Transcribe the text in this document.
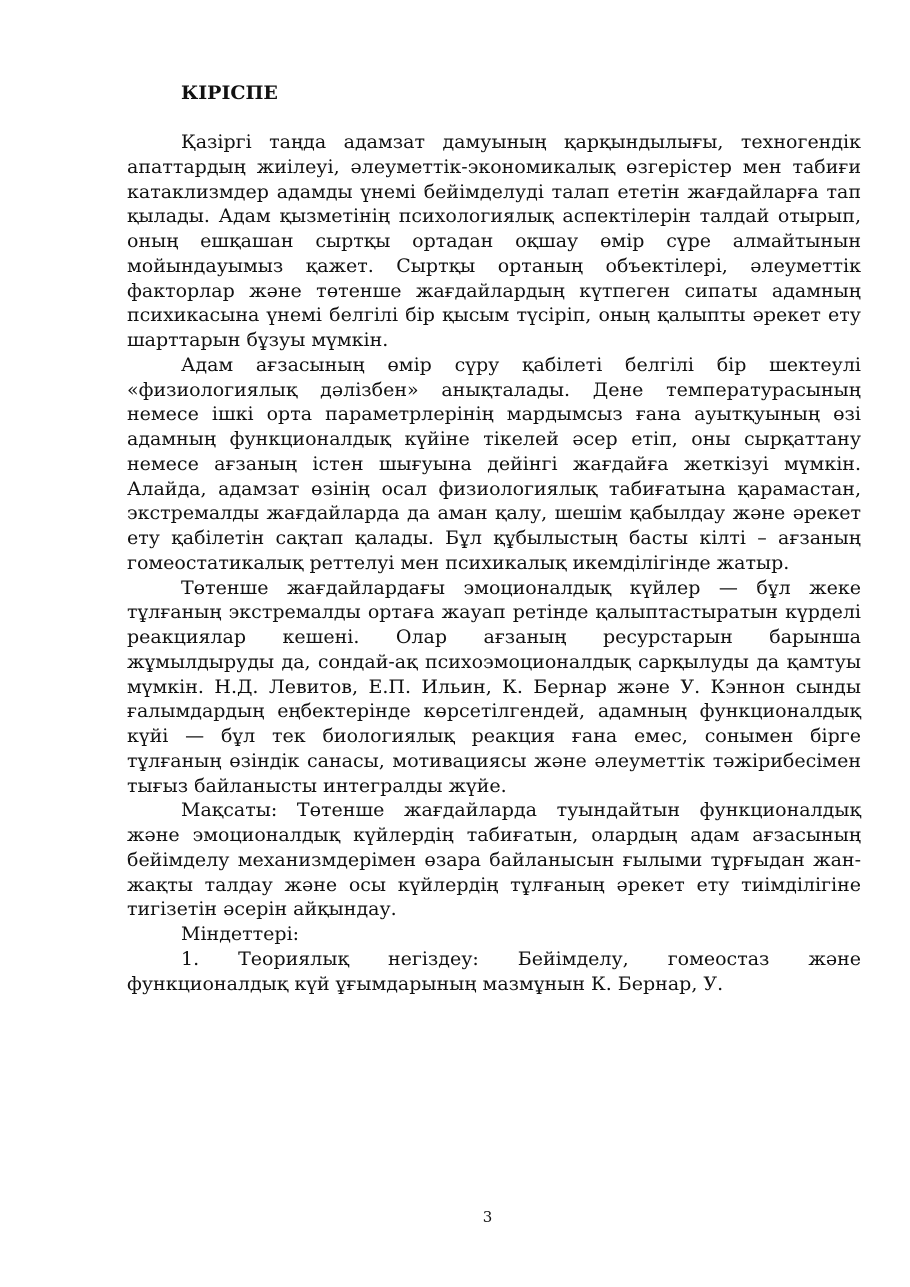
КІРІСПЕ

Қазіргі таңда адамзат дамуының қарқындылығы, техногендік апаттардың жиілеуі, әлеуметтік-экономикалық өзгерістер мен табиғи катаклизмдер адамды үнемі бейімделуді талап ететін жағдайларға тап қылады. Адам қызметінің психологиялық аспектілерін талдай отырып, оның ешқашан сыртқы ортадан оқшау өмір сүре алмайтынын мойындауымыз қажет. Сыртқы ортаның объектілері, әлеуметтік факторлар және төтенше жағдайлардың күтпеген сипаты адамның психикасына үнемі белгілі бір қысым түсіріп, оның қалыпты әрекет ету шарттарын бұзуы мүмкін.

Адам ағзасының өмір сүру қабілеті белгілі бір шектеулі «физиологиялық дәлізбен» анықталады. Дене температурасының немесе ішкі орта параметрлерінің мардымсыз ғана ауытқуының өзі адамның функционалдық күйіне тікелей әсер етіп, оны сырқаттану немесе ағзаның істен шығуына дейінгі жағдайға жеткізуі мүмкін. Алайда, адамзат өзінің осал физиологиялық табиғатына қарамастан, экстремалды жағдайларда да аман қалу, шешім қабылдау және әрекет ету қабілетін сақтап қалады. Бұл құбылыстың басты кілті – ағзаның гомеостатикалық реттелуі мен психикалық икемділігінде жатыр.

Төтенше жағдайлардағы эмоционалдық күйлер — бұл жеке тұлғаның экстремалды ортаға жауап ретінде қалыптастыратын күрделі реакциялар кешені. Олар ағзаның ресурстарын барынша жұмылдыруды да, сондай-ақ психоэмоционалдық сарқылуды да қамтуы мүмкін. Н.Д. Левитов, Е.П. Ильин, К. Бернар және У. Кэннон сынды ғалымдардың еңбектерінде көрсетілгендей, адамның функционалдық күйі — бұл тек биологиялық реакция ғана емес, сонымен бірге тұлғаның өзіндік санасы, мотивациясы және әлеуметтік тәжірибесімен тығыз байланысты интегралды жүйе.

Мақсаты: Төтенше жағдайларда туындайтын функционалдық және эмоционалдық күйлердің табиғатын, олардың адам ағзасының бейімделу механизмдерімен өзара байланысын ғылыми тұрғыдан жан-жақты талдау және осы күйлердің тұлғаның әрекет ету тиімділігіне тигізетін әсерін айқындау.

Міндеттері:

1. Теориялық негіздеу: Бейімделу, гомеостаз және функционалдық күй ұғымдарының мазмұнын К. Бернар, У.

3
